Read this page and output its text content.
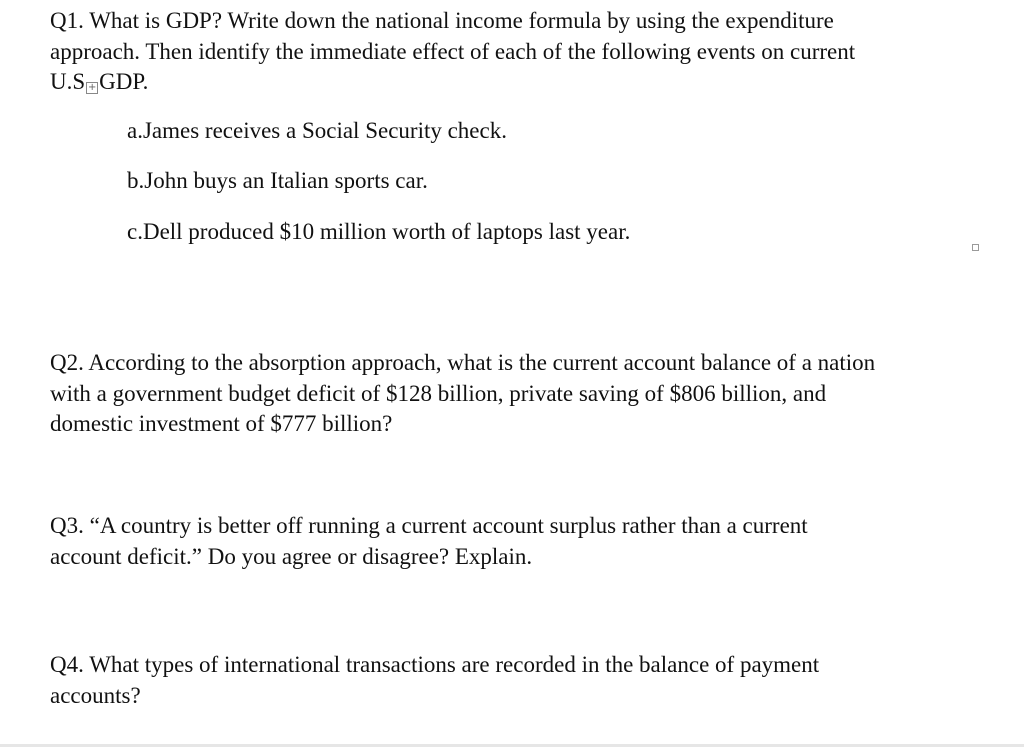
Q1. What is GDP? Write down the national income formula by using the expenditure
approach. Then identify the immediate effect of each of the following events on current
U.S + GDP.
a.James receives a Social Security check.
b.John buys an Italian sports car.
c.Dell produced $10 million worth of laptops last year.
Q2. According to the absorption approach, what is the current account balance of a nation
with a government budget deficit of $128 billion, private saving of $806 billion, and
domestic investment of $777 billion?
Q3. “A country is better off running a current account surplus rather than a current
account deficit.” Do you agree or disagree? Explain.
Q4. What types of international transactions are recorded in the balance of payment
accounts?
